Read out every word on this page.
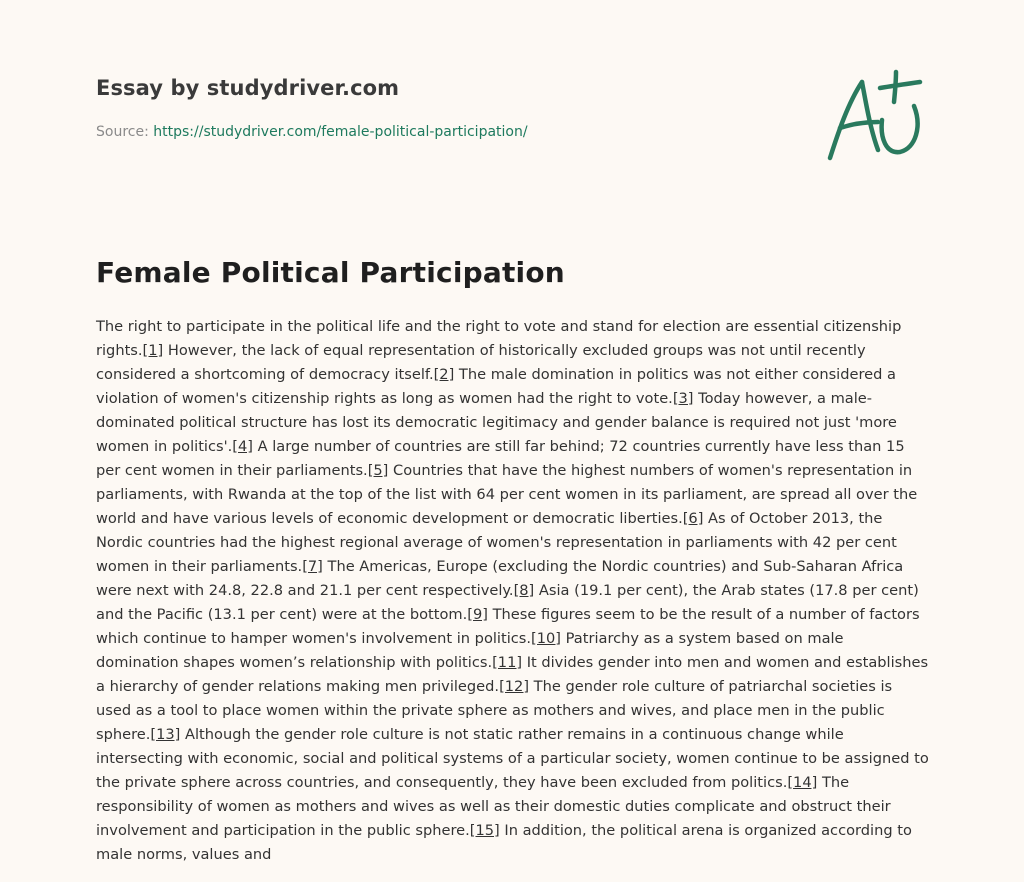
Essay by studydriver.com
Source: https://studydriver.com/female-political-participation/
Female Political Participation

The right to participate in the political life and the right to vote and stand for election are essential citizenship rights.[1] However, the lack of equal representation of historically excluded groups was not until recently considered a shortcoming of democracy itself.[2] The male domination in politics was not either considered a violation of women's citizenship rights as long as women had the right to vote.[3] Today however, a male-dominated political structure has lost its democratic legitimacy and gender balance is required not just 'more women in politics'.[4] A large number of countries are still far behind; 72 countries currently have less than 15 per cent women in their parliaments.[5] Countries that have the highest numbers of women's representation in parliaments, with Rwanda at the top of the list with 64 per cent women in its parliament, are spread all over the world and have various levels of economic development or democratic liberties.[6] As of October 2013, the Nordic countries had the highest regional average of women's representation in parliaments with 42 per cent women in their parliaments.[7] The Americas, Europe (excluding the Nordic countries) and Sub-Saharan Africa were next with 24.8, 22.8 and 21.1 per cent respectively.[8] Asia (19.1 per cent), the Arab states (17.8 per cent) and the Pacific (13.1 per cent) were at the bottom.[9] These figures seem to be the result of a number of factors which continue to hamper women's involvement in politics.[10] Patriarchy as a system based on male domination shapes women’s relationship with politics.[11] It divides gender into men and women and establishes a hierarchy of gender relations making men privileged.[12] The gender role culture of patriarchal societies is used as a tool to place women within the private sphere as mothers and wives, and place men in the public sphere.[13] Although the gender role culture is not static rather remains in a continuous change while intersecting with economic, social and political systems of a particular society, women continue to be assigned to the private sphere across countries, and consequently, they have been excluded from politics.[14] The responsibility of women as mothers and wives as well as their domestic duties complicate and obstruct their involvement and participation in the public sphere.[15] In addition, the political arena is organized according to male norms, values and
